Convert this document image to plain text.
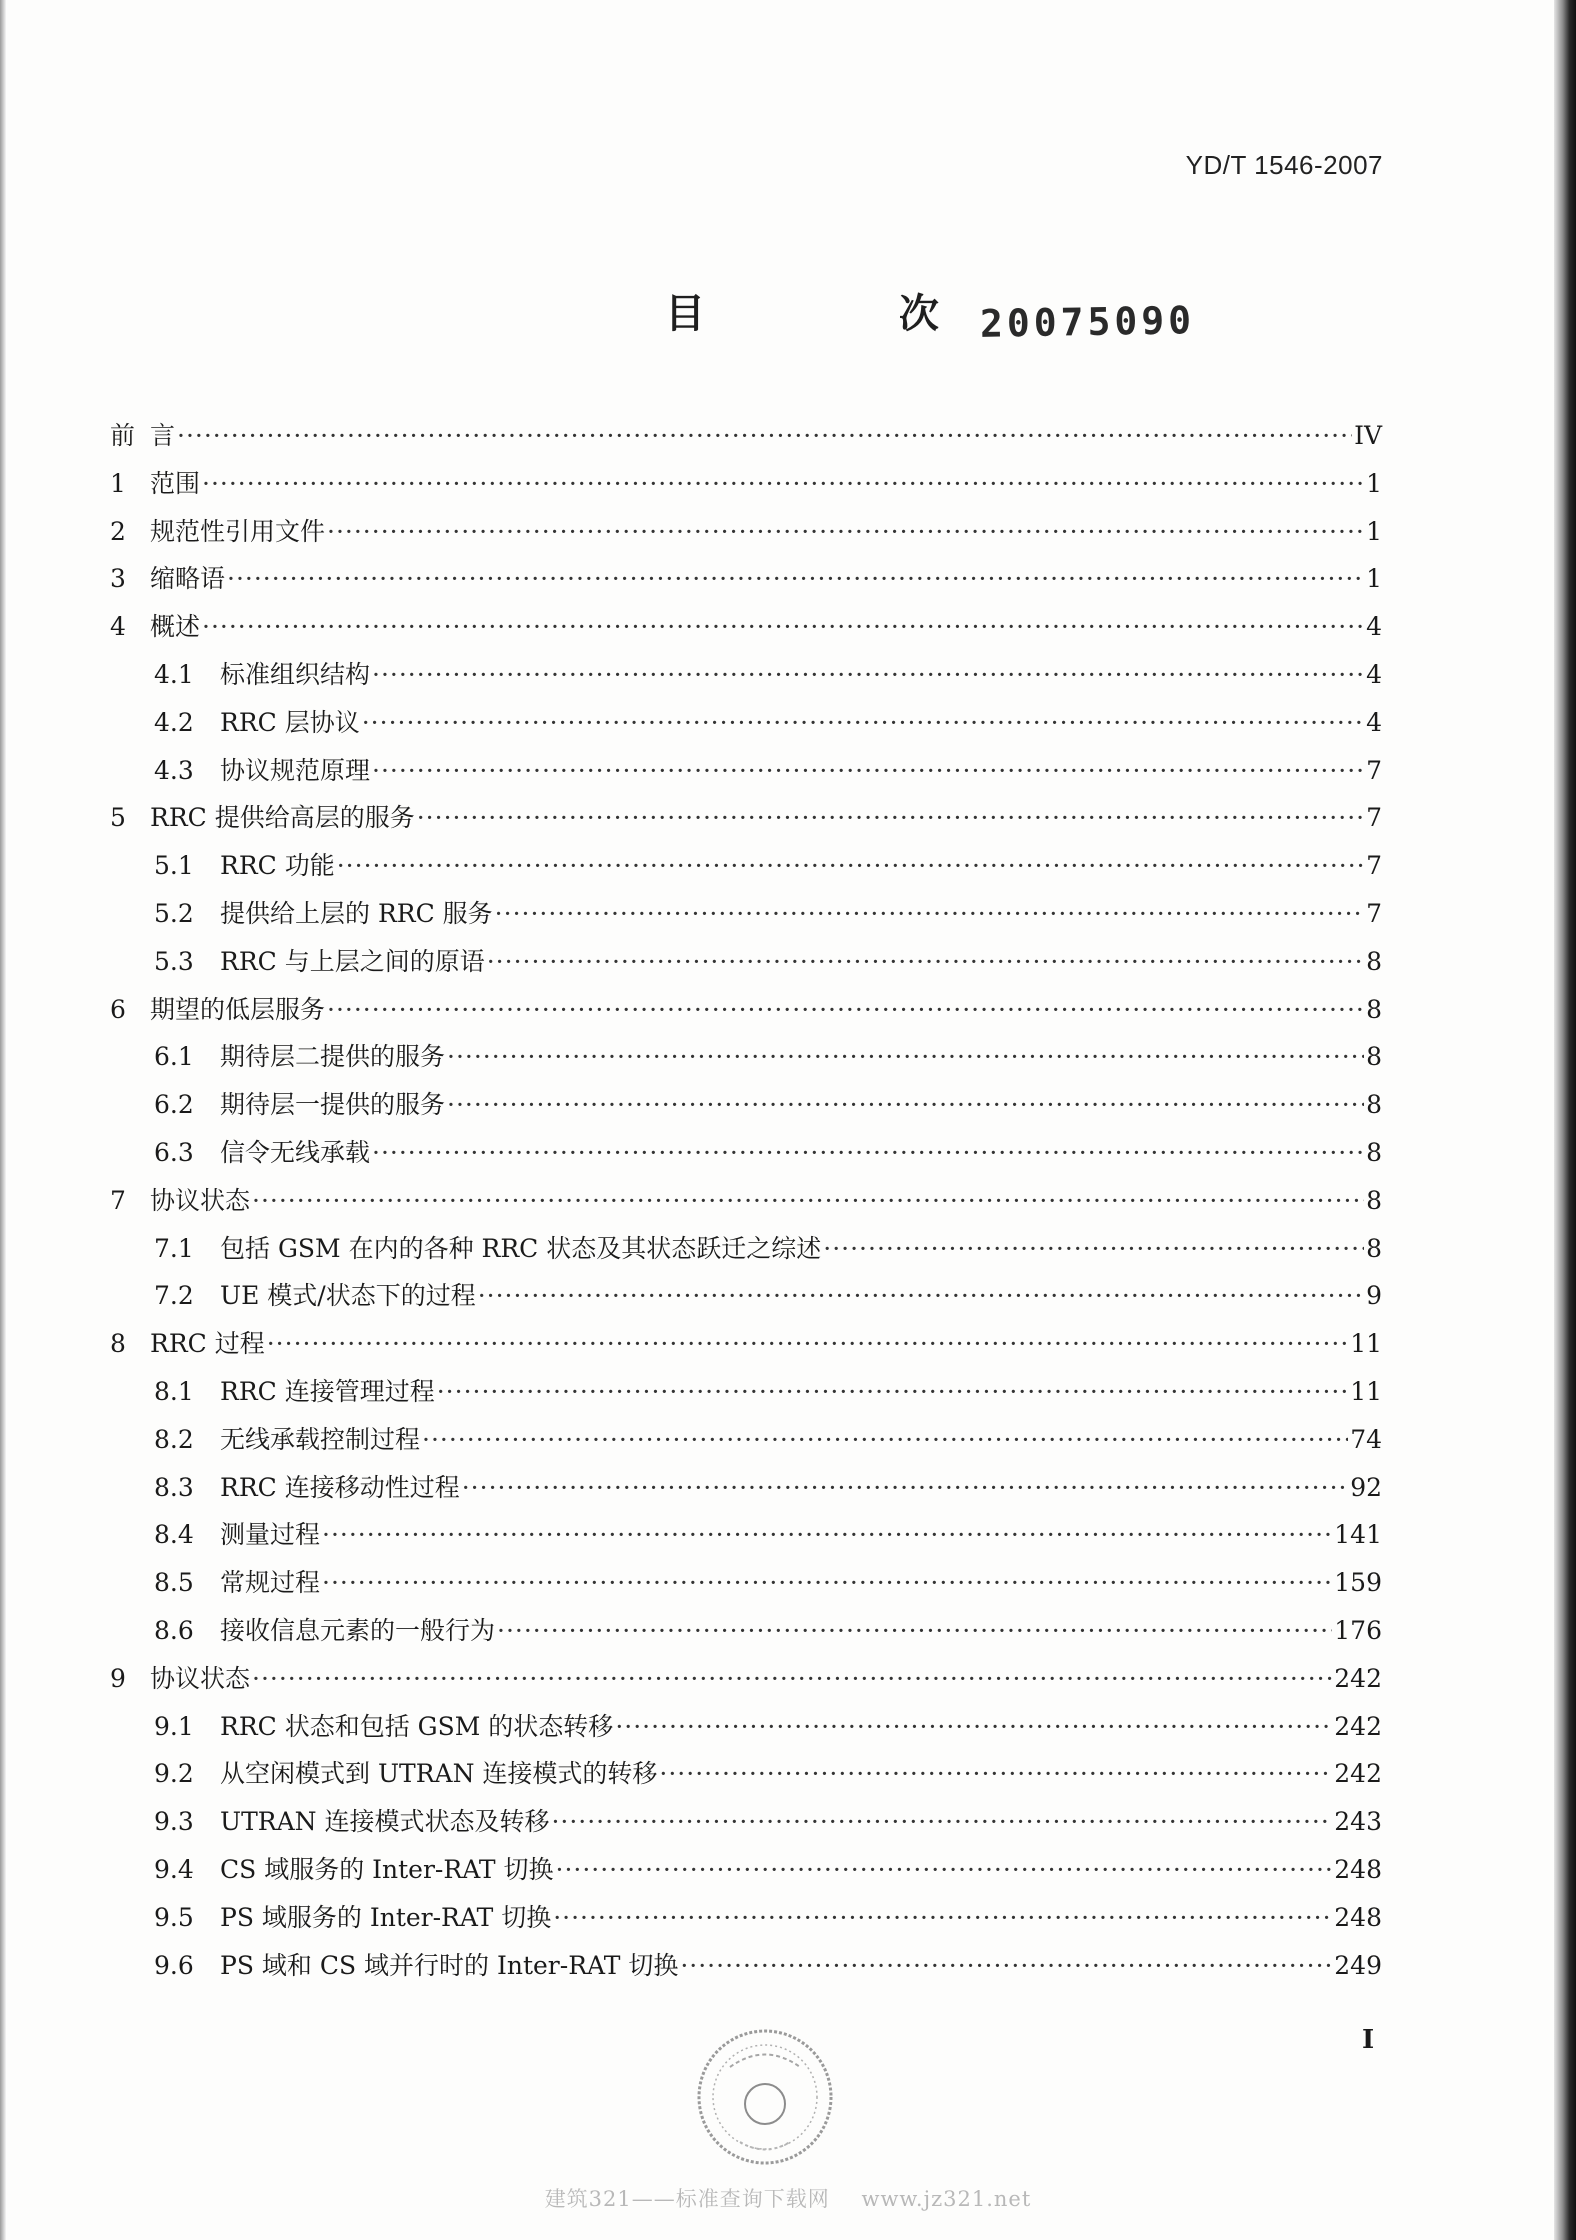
YD/T 1546-2007
目 次
20075090
前 言 ·····	IV
1 范围 ·····	1
2 规范性引用文件 ·····	1
3 缩略语 ·····	1
4 概述 ·····	4
4.1	标准组织结构 ·····	4
4.2	RRC 层协议 ·····	4
4.3	协议规范原理 ·····	7
5 RRC 提供给高层的服务 ·····	7
5.1	RRC 功能 ·····	7
5.2	提供给上层的 RRC 服务 ·····	7
5.3	RRC 与上层之间的原语 ·····	8
6 期望的低层服务 ·····	8
6.1	期待层二提供的服务 ·····	8
6.2	期待层一提供的服务 ·····	8
6.3	信令无线承载 ·····	8
7 协议状态 ·····	8
7.1	包括 GSM 在内的各种 RRC 状态及其状态跃迁之综述 ·····	8
7.2	UE 模式/状态下的过程 ·····	9
8 RRC 过程 ·····	11
8.1	RRC 连接管理过程 ·····	11
8.2	无线承载控制过程 ·····	74
8.3	RRC 连接移动性过程 ·····	92
8.4	测量过程 ·····	141
8.5	常规过程 ·····	159
8.6	接收信息元素的一般行为 ·····	176
9 协议状态 ·····	242
9.1	RRC 状态和包括 GSM 的状态转移 ·····	242
9.2	从空闲模式到 UTRAN 连接模式的转移 ·····	242
9.3	UTRAN 连接模式状态及转移 ·····	243
9.4	CS 域服务的 Inter-RAT 切换 ·····	248
9.5	PS 域服务的 Inter-RAT 切换 ·····	248
9.6	PS 域和 CS 域并行时的 Inter-RAT 切换 ·····	249
I
建筑321——标准查询下载网 www.jz321.net
